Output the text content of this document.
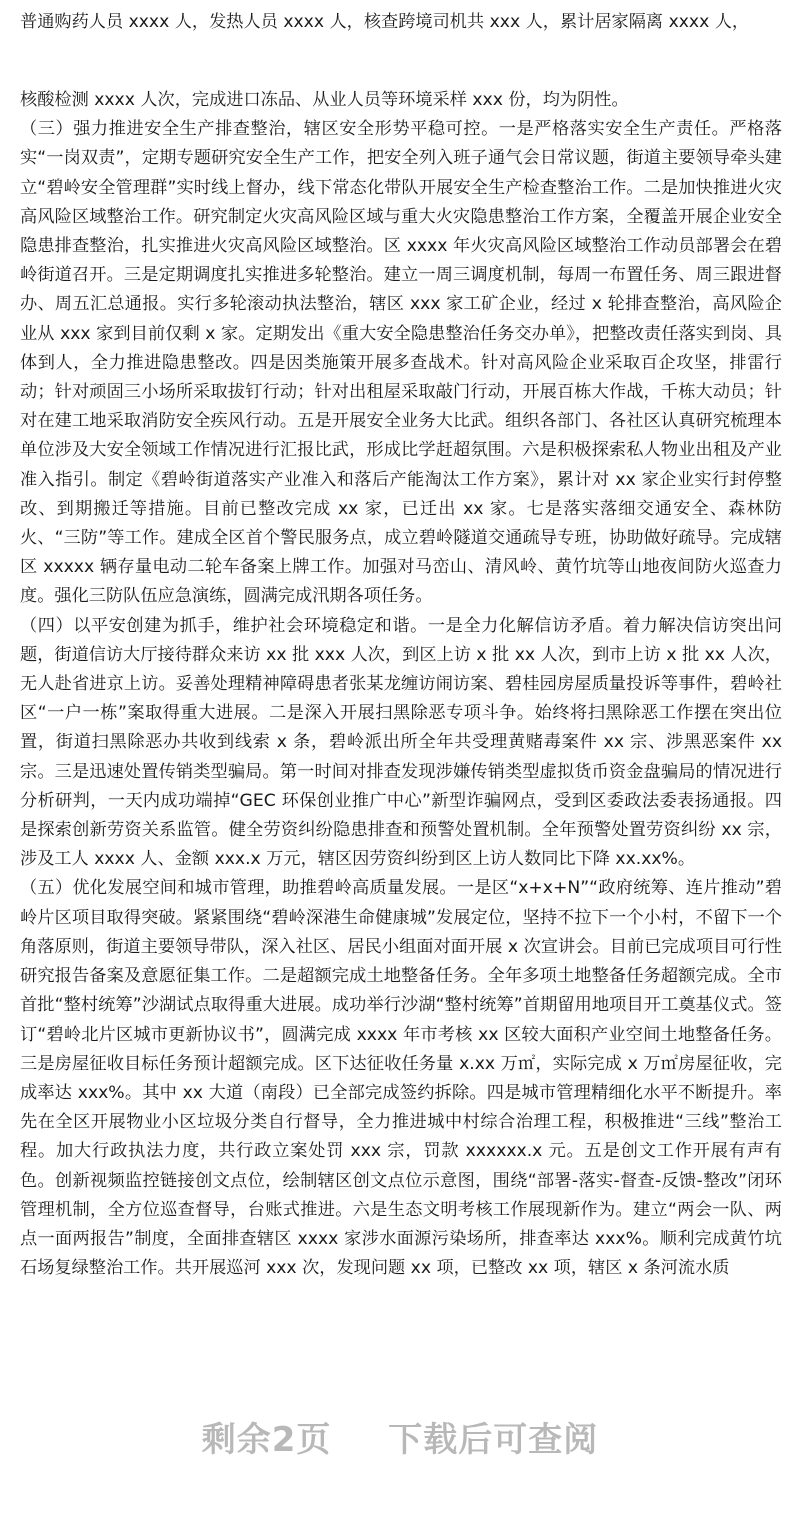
普通购药人员 xxxx 人，发热人员 xxxx 人，核查跨境司机共 xxx 人，累计居家隔离 xxxx 人，

核酸检测 xxxx 人次，完成进口冻品、从业人员等环境采样 xxx 份，均为阴性。

（三）强力推进安全生产排查整治，辖区安全形势平稳可控。一是严格落实安全生产责任。严格落实“一岗双责”，定期专题研究安全生产工作，把安全列入班子通气会日常议题，街道主要领导牵头建立“碧岭安全管理群”实时线上督办，线下常态化带队开展安全生产检查整治工作。二是加快推进火灾高风险区域整治工作。研究制定火灾高风险区域与重大火灾隐患整治工作方案，全覆盖开展企业安全隐患排查整治，扎实推进火灾高风险区域整治。区 xxxx 年火灾高风险区域整治工作动员部署会在碧岭街道召开。三是定期调度扎实推进多轮整治。建立一周三调度机制，每周一布置任务、周三跟进督办、周五汇总通报。实行多轮滚动执法整治，辖区 xxx 家工矿企业，经过 x 轮排查整治，高风险企业从 xxx 家到目前仅剩 x 家。定期发出《重大安全隐患整治任务交办单》，把整改责任落实到岗、具体到人，全力推进隐患整改。四是因类施策开展多查战术。针对高风险企业采取百企攻坚，排雷行动；针对顽固三小场所采取拔钉行动；针对出租屋采取敲门行动，开展百栋大作战，千栋大动员；针对在建工地采取消防安全疾风行动。五是开展安全业务大比武。组织各部门、各社区认真研究梳理本单位涉及大安全领域工作情况进行汇报比武，形成比学赶超氛围。六是积极探索私人物业出租及产业准入指引。制定《碧岭街道落实产业准入和落后产能淘汰工作方案》，累计对 xx 家企业实行封停整改、到期搬迁等措施。目前已整改完成 xx 家，已迁出 xx 家。七是落实落细交通安全、森林防火、“三防”等工作。建成全区首个警民服务点，成立碧岭隧道交通疏导专班，协助做好疏导。完成辖区 xxxxx 辆存量电动二轮车备案上牌工作。加强对马峦山、清风岭、黄竹坑等山地夜间防火巡查力度。强化三防队伍应急演练，圆满完成汛期各项任务。

（四）以平安创建为抓手，维护社会环境稳定和谐。一是全力化解信访矛盾。着力解决信访突出问题，街道信访大厅接待群众来访 xx 批 xxx 人次，到区上访 x 批 xx 人次，到市上访 x 批 xx 人次，无人赴省进京上访。妥善处理精神障碍患者张某龙缠访闹访案、碧桂园房屋质量投诉等事件，碧岭社区“一户一栋”案取得重大进展。二是深入开展扫黑除恶专项斗争。始终将扫黑除恶工作摆在突出位置，街道扫黑除恶办共收到线索 x 条，碧岭派出所全年共受理黄赌毒案件 xx 宗、涉黑恶案件 xx 宗。三是迅速处置传销类型骗局。第一时间对排查发现涉嫌传销类型虚拟货币资金盘骗局的情况进行分析研判，一天内成功端掉“GEC 环保创业推广中心”新型诈骗网点，受到区委政法委表扬通报。四是探索创新劳资关系监管。健全劳资纠纷隐患排查和预警处置机制。全年预警处置劳资纠纷 xx 宗，涉及工人 xxxx 人、金额 xxx.x 万元，辖区因劳资纠纷到区上访人数同比下降 xx.xx%。

（五）优化发展空间和城市管理，助推碧岭高质量发展。一是区“x+x+N”“政府统筹、连片推动”碧岭片区项目取得突破。紧紧围绕“碧岭深港生命健康城”发展定位，坚持不拉下一个小村，不留下一个角落原则，街道主要领导带队，深入社区、居民小组面对面开展 x 次宣讲会。目前已完成项目可行性研究报告备案及意愿征集工作。二是超额完成土地整备任务。全年多项土地整备任务超额完成。全市首批“整村统筹”沙湖试点取得重大进展。成功举行沙湖“整村统筹”首期留用地项目开工奠基仪式。签订“碧岭北片区城市更新协议书”，圆满完成 xxxx 年市考核 xx 区较大面积产业空间土地整备任务。三是房屋征收目标任务预计超额完成。区下达征收任务量 x.xx 万㎡，实际完成 x 万㎡房屋征收，完成率达 xxx%。其中 xx 大道（南段）已全部完成签约拆除。四是城市管理精细化水平不断提升。率先在全区开展物业小区垃圾分类自行督导，全力推进城中村综合治理工程，积极推进“三线”整治工程。加大行政执法力度，共行政立案处罚 xxx 宗，罚款 xxxxxx.x 元。五是创文工作开展有声有色。创新视频监控链接创文点位，绘制辖区创文点位示意图，围绕“部署-落实-督查-反馈-整改”闭环管理机制，全方位巡查督导，台账式推进。六是生态文明考核工作展现新作为。建立“两会一队、两点一面两报告”制度，全面排查辖区 xxxx 家涉水面源污染场所，排查率达 xxx%。顺利完成黄竹坑石场复绿整治工作。共开展巡河 xxx 次，发现问题 xx 项，已整改 xx 项，辖区 x 条河流水质

剩余2页 下载后可查阅
